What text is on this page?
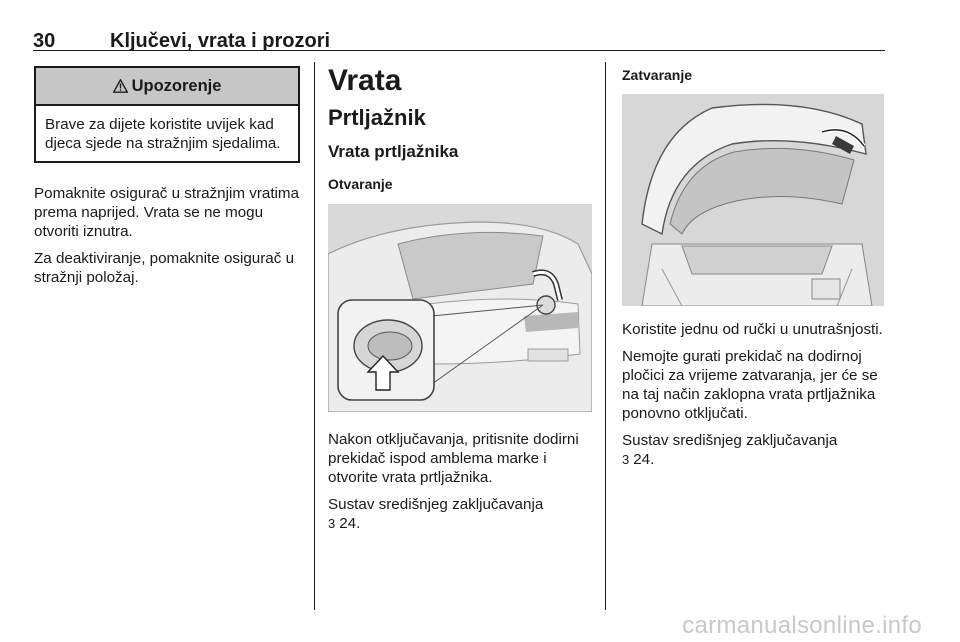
30	Ključevi, vrata i prozori
Upozorenje
Brave za dijete koristite uvijek kad djeca sjede na stražnjim sjedalima.

Pomaknite osigurač u stražnjim vratima prema naprijed. Vrata se ne mogu otvoriti iznutra.

Za deaktiviranje, pomaknite osigurač u stražnji položaj.

Vrata
Prtljažnik
Vrata prtljažnika
Otvaranje

Nakon otključavanja, pritisnite dodirni prekidač ispod amblema marke i otvorite vrata prtljažnika.

Sustav središnjeg zaključavanja
3 24.

Zatvaranje

Koristite jednu od ručki u unutrašnjosti.

Nemojte gurati prekidač na dodirnoj pločici za vrijeme zatvaranja, jer će se na taj način zaklopna vrata prtljažnika ponovno otključati.

Sustav središnjeg zaključavanja
3 24.

carmanualsonline.info
